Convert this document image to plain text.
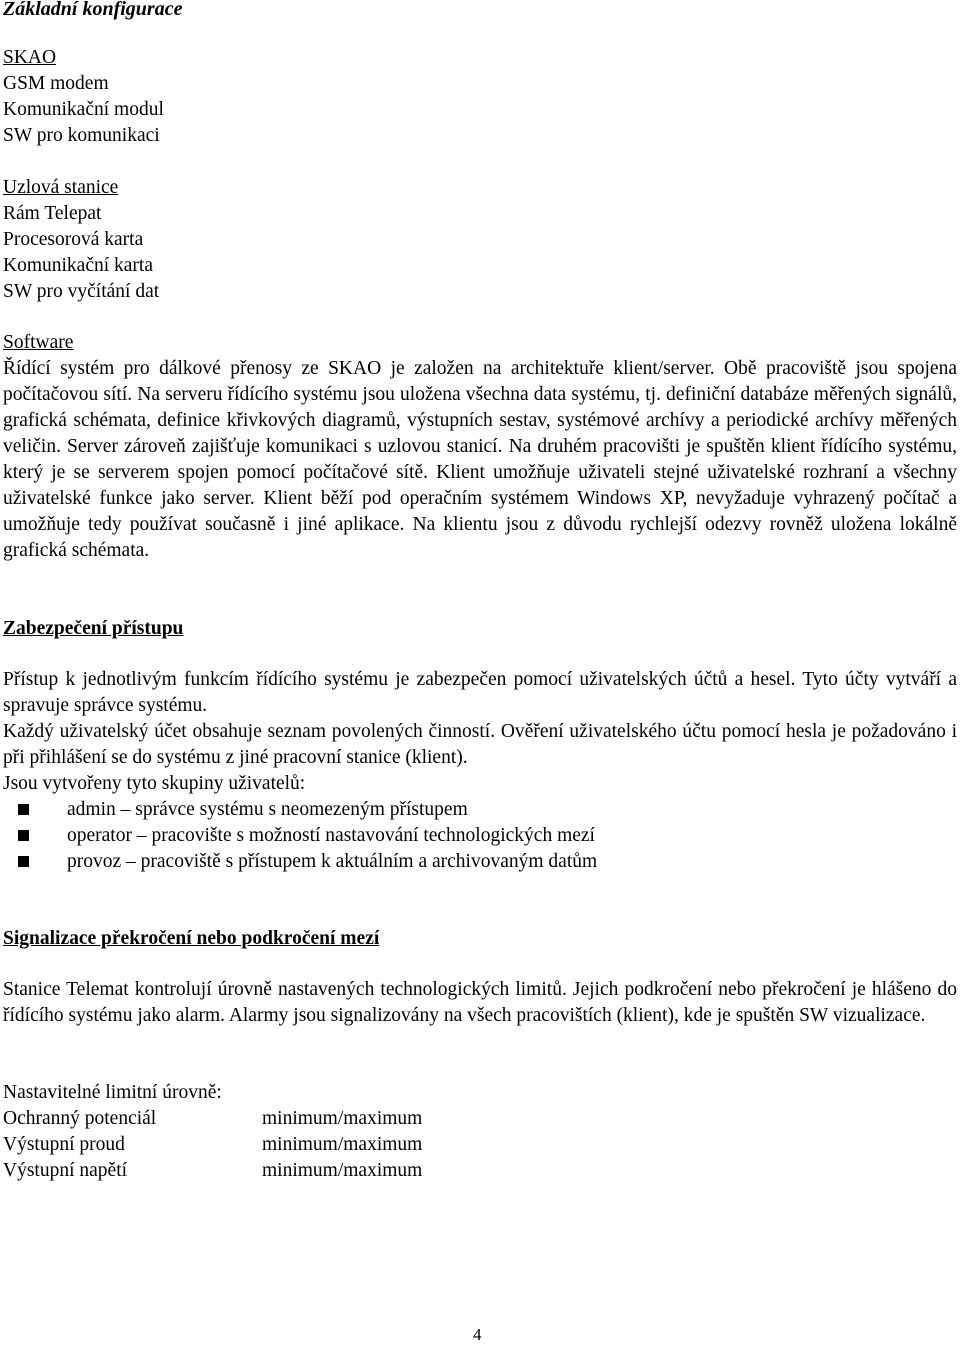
Základní konfigurace
SKAO
GSM modem
Komunikační modul
SW pro komunikaci
Uzlová stanice
Rám Telepat
Procesorová karta
Komunikační karta
SW pro vyčítání dat
Software
Řídící systém pro dálkové přenosy ze SKAO je založen na architektuře klient/server. Obě pracoviště jsou spojena počítačovou sítí. Na serveru řídícího systému jsou uložena všechna data systému, tj. definiční databáze měřených signálů, grafická schémata, definice křivkových diagramů, výstupních sestav, systémové archívy a periodické archívy měřených veličin. Server zároveň zajišťuje komunikaci s uzlovou stanicí. Na druhém pracovišti je spuštěn klient řídícího systému, který je se serverem spojen pomocí počítačové sítě. Klient umožňuje uživateli stejné uživatelské rozhraní a všechny uživatelské funkce jako server. Klient běží pod operačním systémem Windows XP, nevyžaduje vyhrazený počítač a umožňuje tedy používat současně i jiné aplikace. Na klientu jsou z důvodu rychlejší odezvy rovněž uložena lokálně grafická schémata.
Zabezpečení přístupu
Přístup k jednotlivým funkcím řídícího systému je zabezpečen pomocí uživatelských účtů a hesel. Tyto účty vytváří a spravuje správce systému.
Každý uživatelský účet obsahuje seznam povolených činností. Ověření uživatelského účtu pomocí hesla je požadováno i při přihlášení se do systému z jiné pracovní stanice (klient).
Jsou vytvořeny tyto skupiny uživatelů:
admin – správce systému s neomezeným přístupem
operator – pracovište s možností nastavování technologických mezí
provoz – pracoviště s přístupem k aktuálním a archivovaným datům
Signalizace překročení nebo podkročení mezí
Stanice Telemat kontrolují úrovně nastavených technologických limitů. Jejich podkročení nebo překročení je hlášeno do řídícího systému jako alarm. Alarmy jsou signalizovány na všech pracovištích (klient), kde je spuštěn SW vizualizace.
Nastavitelné limitní úrovně:
Ochranný potenciál	minimum/maximum
Výstupní proud	minimum/maximum
Výstupní napětí	minimum/maximum
4
